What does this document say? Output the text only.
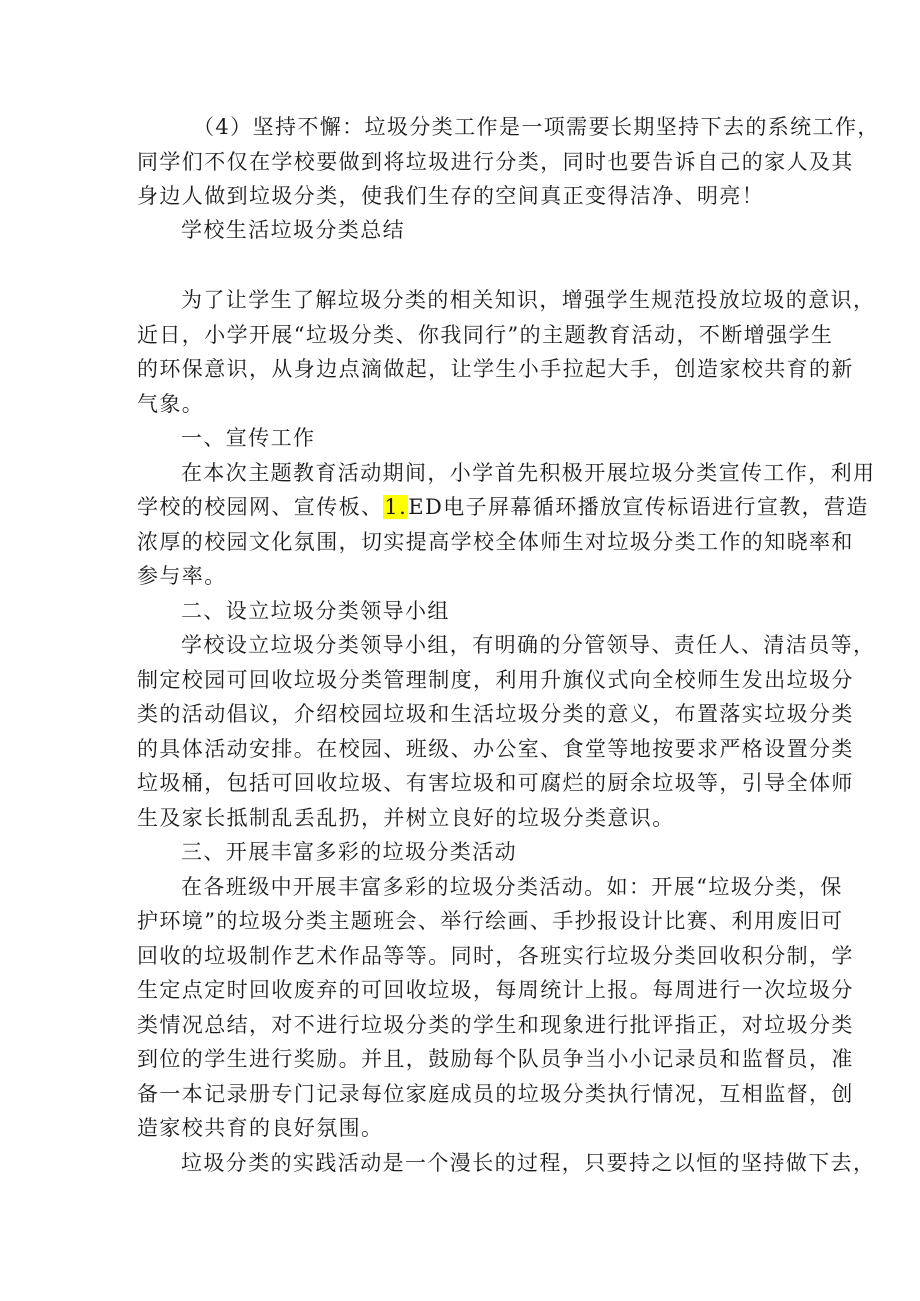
（4）坚持不懈：垃圾分类工作是一项需要长期坚持下去的系统工作，
同学们不仅在学校要做到将垃圾进行分类，同时也要告诉自己的家人及其
身边人做到垃圾分类，使我们生存的空间真正变得洁净、明亮！
学校生活垃圾分类总结
为了让学生了解垃圾分类的相关知识，增强学生规范投放垃圾的意识，
近日，小学开展“垃圾分类、你我同行”的主题教育活动，不断增强学生
的环保意识，从身边点滴做起，让学生小手拉起大手，创造家校共育的新
气象。
一、宣传工作
在本次主题教育活动期间，小学首先积极开展垃圾分类宣传工作，利用
学校的校园网、宣传板、1.ED电子屏幕循环播放宣传标语进行宣教，营造
浓厚的校园文化氛围，切实提高学校全体师生对垃圾分类工作的知晓率和
参与率。
二、设立垃圾分类领导小组
学校设立垃圾分类领导小组，有明确的分管领导、责任人、清洁员等，
制定校园可回收垃圾分类管理制度，利用升旗仪式向全校师生发出垃圾分
类的活动倡议，介绍校园垃圾和生活垃圾分类的意义，布置落实垃圾分类
的具体活动安排。在校园、班级、办公室、食堂等地按要求严格设置分类
垃圾桶，包括可回收垃圾、有害垃圾和可腐烂的厨余垃圾等，引导全体师
生及家长抵制乱丢乱扔，并树立良好的垃圾分类意识。
三、开展丰富多彩的垃圾分类活动
在各班级中开展丰富多彩的垃圾分类活动。如：开展“垃圾分类，保
护环境”的垃圾分类主题班会、举行绘画、手抄报设计比赛、利用废旧可
回收的垃圾制作艺术作品等等。同时，各班实行垃圾分类回收积分制，学
生定点定时回收废弃的可回收垃圾，每周统计上报。每周进行一次垃圾分
类情况总结，对不进行垃圾分类的学生和现象进行批评指正，对垃圾分类
到位的学生进行奖励。并且，鼓励每个队员争当小小记录员和监督员，准
备一本记录册专门记录每位家庭成员的垃圾分类执行情况，互相监督，创
造家校共育的良好氛围。
垃圾分类的实践活动是一个漫长的过程，只要持之以恒的坚持做下去，
